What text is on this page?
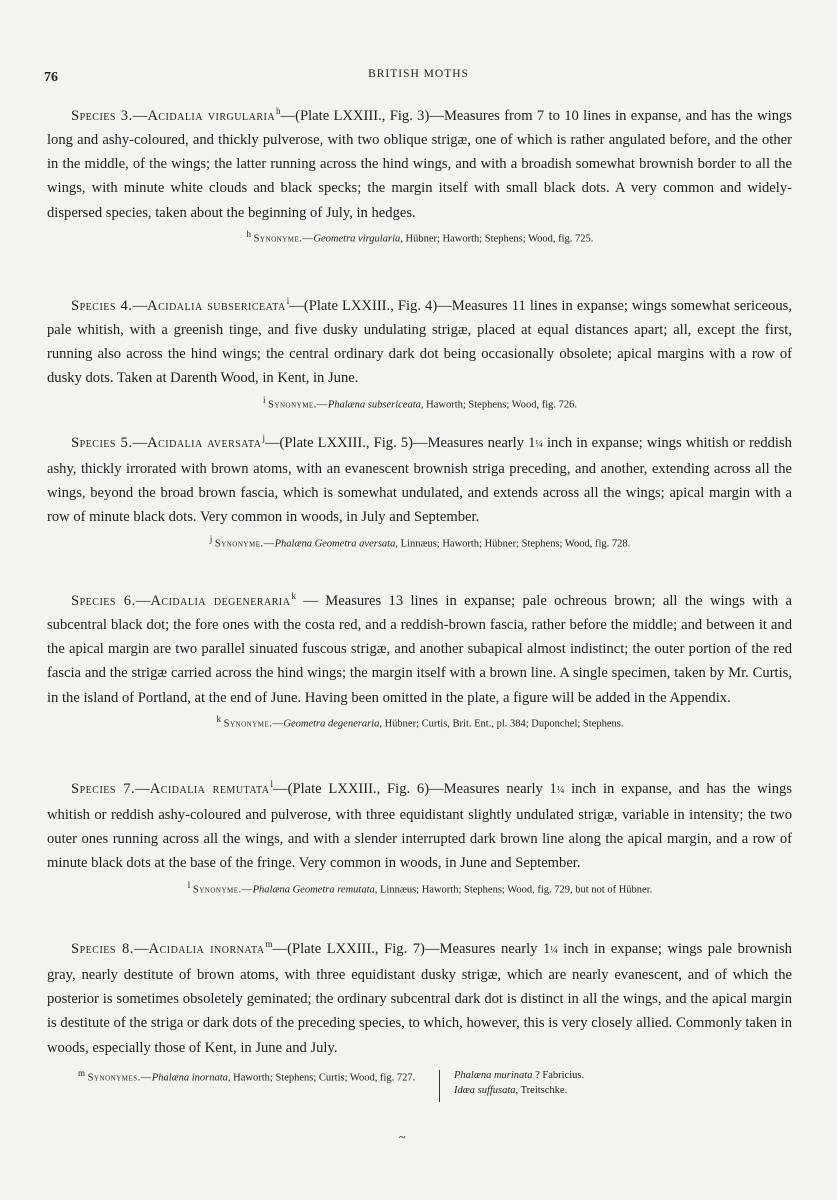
76	BRITISH MOTHS

Species 3.—Acidalia virgularia$^h$—(Plate LXXIII., Fig. 3)—Measures from 7 to 10 lines in expanse, and has the wings long and ashy-coloured, and thickly pulverose, with two oblique strigæ, one of which is rather angulated before, and the other in the middle, of the wings; the latter running across the hind wings, and with a broadish somewhat brownish border to all the wings, with minute white clouds and black specks; the margin itself with small black dots. A very common and widely-dispersed species, taken about the beginning of July, in hedges.

h Synonyme.—Geometra virgularia, Hübner; Haworth; Stephens; Wood, fig. 725.

Species 4.—Acidalia subsericeata$^i$—(Plate LXXIII., Fig. 4)—Measures 11 lines in expanse; wings somewhat sericeous, pale whitish, with a greenish tinge, and five dusky undulating strigæ, placed at equal distances apart; all, except the first, running also across the hind wings; the central ordinary dark dot being occasionally obsolete; apical margins with a row of dusky dots. Taken at Darenth Wood, in Kent, in June.

i Synonyme.—Phalæna subsericeata, Haworth; Stephens; Wood, fig. 726.

Species 5.—Acidalia aversata$^j$—(Plate LXXIII., Fig. 5)—Measures nearly 1¼ inch in expanse; wings whitish or reddish ashy, thickly irrorated with brown atoms, with an evanescent brownish striga preceding, and another, extending across all the wings, beyond the broad brown fascia, which is somewhat undulated, and extends across all the wings; apical margin with a row of minute black dots. Very common in woods, in July and September.

j Synonyme.—Phalæna Geometra aversata, Linnæus; Haworth; Hübner; Stephens; Wood, fig. 728.

Species 6.—Acidalia degeneraria$^k$ — Measures 13 lines in expanse; pale ochreous brown; all the wings with a subcentral black dot; the fore ones with the costa red, and a reddish-brown fascia, rather before the middle; and between it and the apical margin are two parallel sinuated fuscous strigæ, and another subapical almost indistinct; the outer portion of the red fascia and the strigæ carried across the hind wings; the margin itself with a brown line. A single specimen, taken by Mr. Curtis, in the island of Portland, at the end of June. Having been omitted in the plate, a figure will be added in the Appendix.

k Synonyme.—Geometra degeneraria, Hübner; Curtis, Brit. Ent., pl. 384; Duponchel; Stephens.

Species 7.—Acidalia remutata$^l$—(Plate LXXIII., Fig. 6)—Measures nearly 1¼ inch in expanse, and has the wings whitish or reddish ashy-coloured and pulverose, with three equidistant slightly undulated strigæ, variable in intensity; the two outer ones running across all the wings, and with a slender interrupted dark brown line along the apical margin, and a row of minute black dots at the base of the fringe. Very common in woods, in June and September.

l Synonyme.—Phalæna Geometra remutata, Linnæus; Haworth; Stephens; Wood, fig. 729, but not of Hübner.

Species 8.—Acidalia inornata$^m$—(Plate LXXIII., Fig. 7)—Measures nearly 1¼ inch in expanse; wings pale brownish gray, nearly destitute of brown atoms, with three equidistant dusky strigæ, which are nearly evanescent, and of which the posterior is sometimes obsoletely geminated; the ordinary subcentral dark dot is distinct in all the wings, and the apical margin is destitute of the striga or dark dots of the preceding species, to which, however, this is very closely allied. Commonly taken in woods, especially those of Kent, in June and July.

m Synonymes.—Phalæna inornata, Haworth; Stephens; Curtis; Wood, fig. 727.	Phalæna murinata ? Fabricius.
Idæa suffusata, Treitschke.
~
